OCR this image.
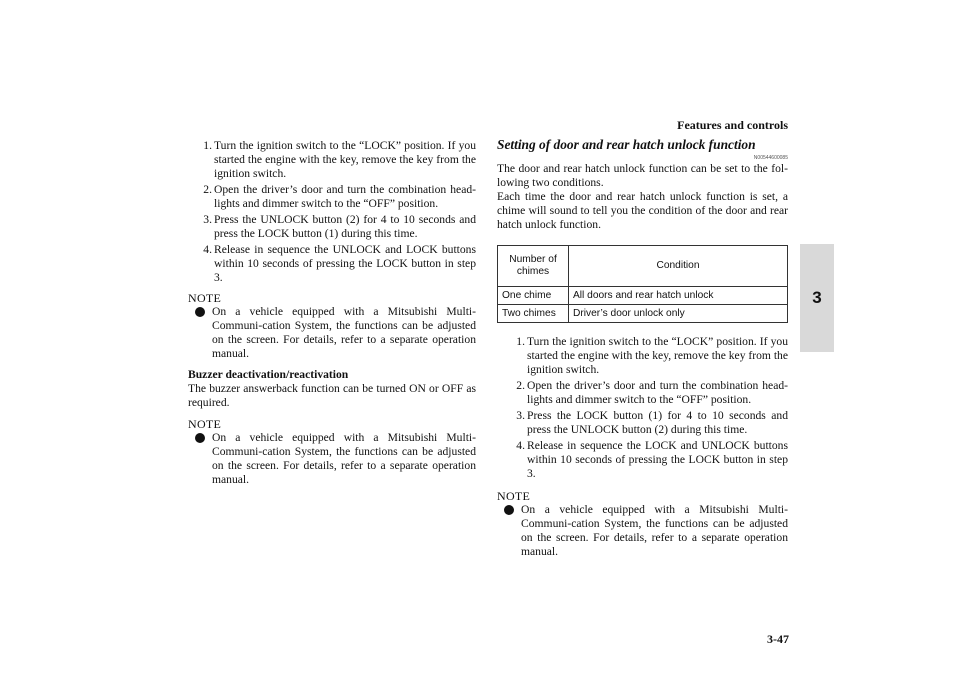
Features and controls
3
1. Turn the ignition switch to the “LOCK” position. If you started the engine with the key, remove the key from the ignition switch.
2. Open the driver’s door and turn the combination head-lights and dimmer switch to the “OFF” position.
3. Press the UNLOCK button (2) for 4 to 10 seconds and press the LOCK button (1) during this time.
4. Release in sequence the UNLOCK and LOCK buttons within 10 seconds of pressing the LOCK button in step 3.
NOTE
On a vehicle equipped with a Mitsubishi Multi-Communi-cation System, the functions can be adjusted on the screen. For details, refer to a separate operation manual.
Buzzer deactivation/reactivation
The buzzer answerback function can be turned ON or OFF as required.
NOTE
On a vehicle equipped with a Mitsubishi Multi-Communi-cation System, the functions can be adjusted on the screen. For details, refer to a separate operation manual.
Setting of door and rear hatch unlock function
N00544600085
The door and rear hatch unlock function can be set to the fol-lowing two conditions.
Each time the door and rear hatch unlock function is set, a chime will sound to tell you the condition of the door and rear hatch unlock function.
Number of chimes	Condition
One chime	All doors and rear hatch unlock
Two chimes	Driver’s door unlock only
1. Turn the ignition switch to the “LOCK” position. If you started the engine with the key, remove the key from the ignition switch.
2. Open the driver’s door and turn the combination head-lights and dimmer switch to the “OFF” position.
3. Press the LOCK button (1) for 4 to 10 seconds and press the UNLOCK button (2) during this time.
4. Release in sequence the LOCK and UNLOCK buttons within 10 seconds of pressing the LOCK button in step 3.
NOTE
On a vehicle equipped with a Mitsubishi Multi-Communi-cation System, the functions can be adjusted on the screen. For details, refer to a separate operation manual.
3-47
